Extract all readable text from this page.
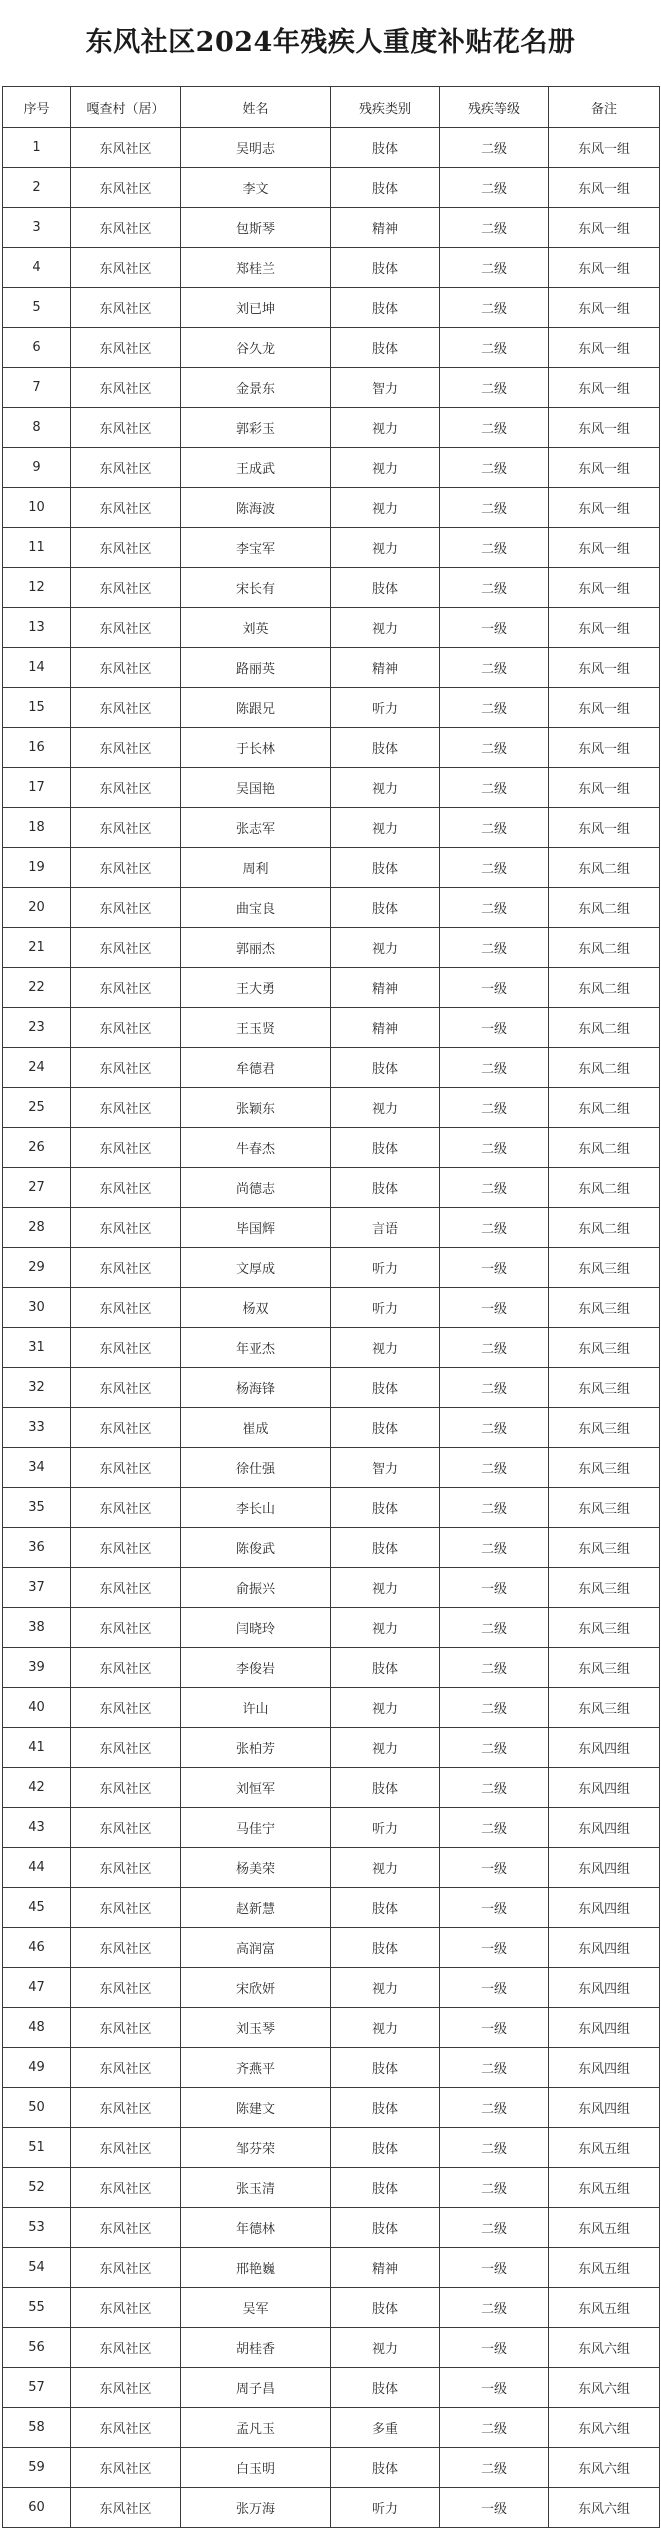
东风社区2024年残疾人重度补贴花名册
序号	嘎查村（居）	姓名	残疾类别	残疾等级	备注
1	东风社区	吴明志	肢体	二级	东风一组
2	东风社区	李文	肢体	二级	东风一组
3	东风社区	包斯琴	精神	二级	东风一组
4	东风社区	郑桂兰	肢体	二级	东风一组
5	东风社区	刘已坤	肢体	二级	东风一组
6	东风社区	谷久龙	肢体	二级	东风一组
7	东风社区	金景东	智力	二级	东风一组
8	东风社区	郭彩玉	视力	二级	东风一组
9	东风社区	王成武	视力	二级	东风一组
10	东风社区	陈海波	视力	二级	东风一组
11	东风社区	李宝军	视力	二级	东风一组
12	东风社区	宋长有	肢体	二级	东风一组
13	东风社区	刘英	视力	一级	东风一组
14	东风社区	路丽英	精神	二级	东风一组
15	东风社区	陈跟兄	听力	二级	东风一组
16	东风社区	于长林	肢体	二级	东风一组
17	东风社区	吴国艳	视力	二级	东风一组
18	东风社区	张志军	视力	二级	东风一组
19	东风社区	周利	肢体	二级	东风二组
20	东风社区	曲宝良	肢体	二级	东风二组
21	东风社区	郭丽杰	视力	二级	东风二组
22	东风社区	王大勇	精神	一级	东风二组
23	东风社区	王玉贤	精神	一级	东风二组
24	东风社区	牟德君	肢体	二级	东风二组
25	东风社区	张颖东	视力	二级	东风二组
26	东风社区	牛春杰	肢体	二级	东风二组
27	东风社区	尚德志	肢体	二级	东风二组
28	东风社区	毕国辉	言语	二级	东风二组
29	东风社区	文厚成	听力	一级	东风三组
30	东风社区	杨双	听力	一级	东风三组
31	东风社区	年亚杰	视力	二级	东风三组
32	东风社区	杨海锋	肢体	二级	东风三组
33	东风社区	崔成	肢体	二级	东风三组
34	东风社区	徐仕强	智力	二级	东风三组
35	东风社区	李长山	肢体	二级	东风三组
36	东风社区	陈俊武	肢体	二级	东风三组
37	东风社区	俞振兴	视力	一级	东风三组
38	东风社区	闫晓玲	视力	二级	东风三组
39	东风社区	李俊岩	肢体	二级	东风三组
40	东风社区	许山	视力	二级	东风三组
41	东风社区	张柏芳	视力	二级	东风四组
42	东风社区	刘恒军	肢体	二级	东风四组
43	东风社区	马佳宁	听力	二级	东风四组
44	东风社区	杨美荣	视力	一级	东风四组
45	东风社区	赵新慧	肢体	一级	东风四组
46	东风社区	高润富	肢体	一级	东风四组
47	东风社区	宋欣妍	视力	一级	东风四组
48	东风社区	刘玉琴	视力	一级	东风四组
49	东风社区	齐燕平	肢体	二级	东风四组
50	东风社区	陈建文	肢体	二级	东风四组
51	东风社区	邹芬荣	肢体	二级	东风五组
52	东风社区	张玉清	肢体	二级	东风五组
53	东风社区	年德林	肢体	二级	东风五组
54	东风社区	邢艳巍	精神	一级	东风五组
55	东风社区	吴军	肢体	二级	东风五组
56	东风社区	胡桂香	视力	一级	东风六组
57	东风社区	周子昌	肢体	一级	东风六组
58	东风社区	孟凡玉	多重	二级	东风六组
59	东风社区	白玉明	肢体	二级	东风六组
60	东风社区	张万海	听力	一级	东风六组
